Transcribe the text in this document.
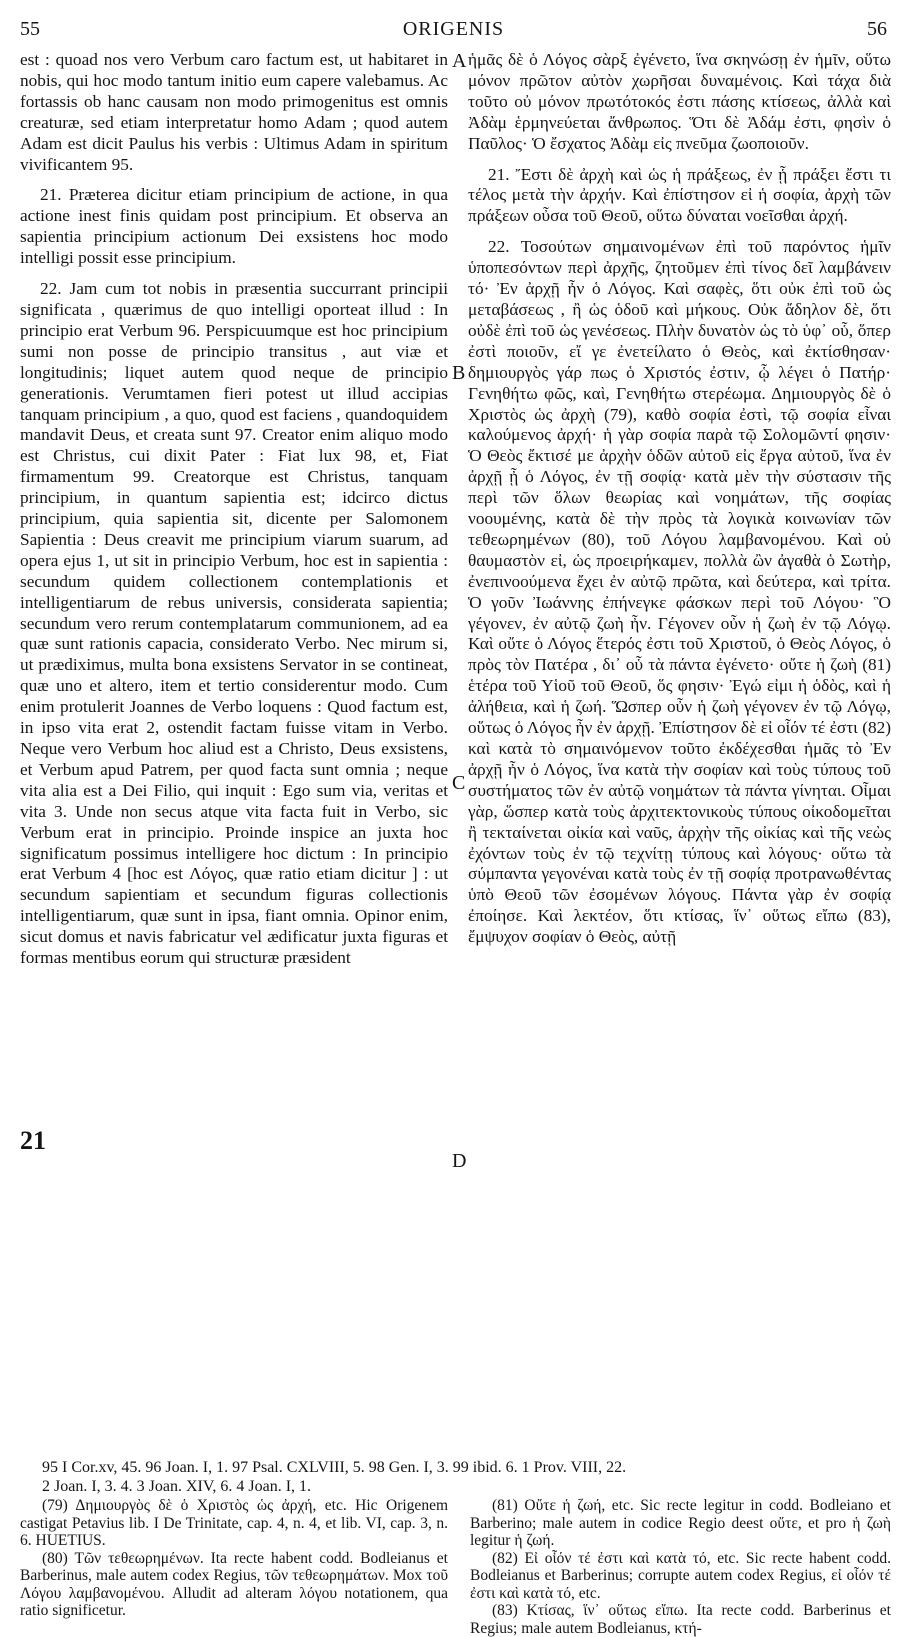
55	ORIGENIS	56

est : quoad nos vero Verbum caro factum est, ut habitaret in nobis, qui hoc modo tantum initio eum capere valebamus. Ac fortassis ob hanc causam non modo primogenitus est omnis creaturæ, sed etiam interpretatur homo Adam ; quod autem Adam est dicit Paulus his verbis : Ultimus Adam in spiritum vivificantem 95.

21. Præterea dicitur etiam principium de actione, in qua actione inest finis quidam post principium. Et observa an sapientia principium actionum Dei exsistens hoc modo intelligi possit esse principium.

22. Jam cum tot nobis in præsentia succurrant principii significata , quærimus de quo intelligi oporteat illud : In principio erat Verbum 96. Perspicuumque est hoc principium sumi non posse de principio transitus , aut viæ et longitudinis; liquet autem quod neque de principio generationis. Verumtamen fieri potest ut illud accipias tanquam principium , a quo, quod est faciens , quandoquidem mandavit Deus, et creata sunt 97. Creator enim aliquo modo est Christus, cui dixit Pater : Fiat lux 98, et, Fiat firmamentum 99. Creatorque est Christus, tanquam principium, in quantum sapientia est; idcirco dictus principium, quia sapientia sit, dicente per Salomonem Sapientia : Deus creavit me principium viarum suarum, ad opera ejus 1, ut sit in principio Verbum, hoc est in sapientia : secundum quidem collectionem contemplationis et intelligentiarum de rebus universis, considerata sapientia; secundum vero rerum contemplatarum communionem, ad ea quæ sunt rationis capacia, considerato Verbo. Nec mirum si, ut prædiximus, multa bona exsistens Servator in se contineat, quæ uno et altero, item et tertio considerentur modo. Cum enim protulerit Joannes de Verbo loquens : Quod factum est, in ipso vita erat 2, ostendit factam fuisse vitam in Verbo. Neque vero Verbum hoc aliud est a Christo, Deus exsistens, et Verbum apud Patrem, per quod facta sunt omnia ; neque vita alia est a Dei Filio, qui inquit : Ego sum via, veritas et vita 3. Unde non secus atque vita facta fuit in Verbo, sic Verbum erat in principio. Proinde inspice an juxta hoc significatum possimus intelligere hoc dictum : In principio erat Verbum 4 [hoc est Λόγος, quæ ratio etiam dicitur ] : ut secundum sapientiam et secundum figuras collectionis intelligentiarum, quæ sunt in ipsa, fiant omnia. Opinor enim, sicut domus et navis fabricatur vel ædificatur juxta figuras et formas mentibus eorum qui structuræ præsident

ἡμᾶς δὲ ὁ Λόγος σὰρξ ἐγένετο, ἵνα σκηνώσῃ ἐν ἡμῖν, οὕτω μόνον πρῶτον αὐτὸν χωρῆσαι δυναμένοις. Καὶ τάχα διὰ τοῦτο οὐ μόνον πρωτότοκός ἐστι πάσης κτίσεως, ἀλλὰ καὶ Ἀδὰμ ἑρμηνεύεται ἄνθρωπος. Ὅτι δὲ Ἀδάμ ἐστι, φησὶν ὁ Παῦλος· Ὁ ἔσχατος Ἀδὰμ εἰς πνεῦμα ζωοποιοῦν.

21. Ἔστι δὲ ἀρχὴ καὶ ὡς ἡ πράξεως, ἐν ᾗ πράξει ἔστι τι τέλος μετὰ τὴν ἀρχήν. Καὶ ἐπίστησον εἰ ἡ σοφία, ἀρχὴ τῶν πράξεων οὖσα τοῦ Θεοῦ, οὕτω δύναται νοεῖσθαι ἀρχή.

22. Τοσούτων σημαινομένων ἐπὶ τοῦ παρόντος ἡμῖν ὑποπεσόντων περὶ ἀρχῆς, ζητοῦμεν ἐπὶ τίνος δεῖ λαμβάνειν τό· Ἐν ἀρχῇ ἦν ὁ Λόγος. Καὶ σαφὲς, ὅτι οὐκ ἐπὶ τοῦ ὡς μεταβάσεως , ἢ ὡς ὁδοῦ καὶ μήκους. Οὐκ ἄδηλον δὲ, ὅτι οὐδὲ ἐπὶ τοῦ ὡς γενέσεως. Πλὴν δυνατὸν ὡς τὸ ὑφ᾽ οὗ, ὅπερ ἐστὶ ποιοῦν, εἴ γε ἐνετείλατο ὁ Θεὸς, καὶ ἐκτίσθησαν· δημιουργὸς γάρ πως ὁ Χριστός ἐστιν, ᾧ λέγει ὁ Πατήρ· Γενηθήτω φῶς, καὶ, Γενηθήτω στερέωμα. Δημιουργὸς δὲ ὁ Χριστὸς ὡς ἀρχὴ (79), καθὸ σοφία ἐστὶ, τῷ σοφία εἶναι καλούμενος ἀρχή· ἡ γὰρ σοφία παρὰ τῷ Σολομῶντί φησιν· Ὁ Θεὸς ἔκτισέ με ἀρχὴν ὁδῶν αὐτοῦ εἰς ἔργα αὐτοῦ, ἵνα ἐν ἀρχῇ ᾖ ὁ Λόγος, ἐν τῇ σοφίᾳ· κατὰ μὲν τὴν σύστασιν τῆς περὶ τῶν ὅλων θεωρίας καὶ νοημάτων, τῆς σοφίας νοουμένης, κατὰ δὲ τὴν πρὸς τὰ λογικὰ κοινωνίαν τῶν τεθεωρημένων (80), τοῦ Λόγου λαμβανομένου. Καὶ οὐ θαυμαστὸν εἰ, ὡς προειρήκαμεν, πολλὰ ὢν ἀγαθὰ ὁ Σωτὴρ, ἐνεπινοούμενα ἔχει ἐν αὐτῷ πρῶτα, καὶ δεύτερα, καὶ τρίτα. Ὁ γοῦν Ἰωάννης ἐπήνεγκε φάσκων περὶ τοῦ Λόγου· Ὃ γέγονεν, ἐν αὐτῷ ζωὴ ἦν. Γέγονεν οὖν ἡ ζωὴ ἐν τῷ Λόγῳ. Καὶ οὔτε ὁ Λόγος ἕτερός ἐστι τοῦ Χριστοῦ, ὁ Θεὸς Λόγος, ὁ πρὸς τὸν Πατέρα , δι᾽ οὗ τὰ πάντα ἐγένετο· οὔτε ἡ ζωὴ (81) ἑτέρα τοῦ Υἱοῦ τοῦ Θεοῦ, ὅς φησιν· Ἐγώ εἰμι ἡ ὁδὸς, καὶ ἡ ἀλήθεια, καὶ ἡ ζωή. Ὥσπερ οὖν ἡ ζωὴ γέγονεν ἐν τῷ Λόγῳ, οὕτως ὁ Λόγος ἦν ἐν ἀρχῇ. Ἐπίστησον δὲ εἰ οἷόν τέ ἐστι (82) καὶ κατὰ τὸ σημαινόμενον τοῦτο ἐκδέχεσθαι ἡμᾶς τὸ Ἐν ἀρχῇ ἦν ὁ Λόγος, ἵνα κατὰ τὴν σοφίαν καὶ τοὺς τύπους τοῦ συστήματος τῶν ἐν αὐτῷ νοημάτων τὰ πάντα γίνηται. Οἶμαι γὰρ, ὥσπερ κατὰ τοὺς ἀρχιτεκτονικοὺς τύπους οἰκοδομεῖται ἢ τεκταίνεται οἰκία καὶ ναῦς, ἀρχὴν τῆς οἰκίας καὶ τῆς νεὼς ἐχόντων τοὺς ἐν τῷ τεχνίτῃ τύπους καὶ λόγους· οὕτω τὰ σύμπαντα γεγονέναι κατὰ τοὺς ἐν τῇ σοφίᾳ προτρανωθέντας ὑπὸ Θεοῦ τῶν ἐσομένων λόγους. Πάντα γὰρ ἐν σοφίᾳ ἐποίησε. Καὶ λεκτέον, ὅτι κτίσας, ἵν᾽ οὕτως εἴπω (83), ἔμψυχον σοφίαν ὁ Θεὸς, αὐτῇ

A
B
C
D
21
95 I Cor.xv, 45. 96 Joan. I, 1. 97 Psal. CXLVIII, 5. 98 Gen. I, 3. 99 ibid. 6. 1 Prov. VIII, 22.
2 Joan. I, 3. 4. 3 Joan. XIV, 6. 4 Joan. I, 1.

(79) Δημιουργὸς δὲ ὁ Χριστὸς ὡς ἀρχή, etc. Hic Origenem castigat Petavius lib. I De Trinitate, cap. 4, n. 4, et lib. VI, cap. 3, n. 6. HUETIUS.

(80) Τῶν τεθεωρημένων. Ita recte habent codd. Bodleianus et Barberinus, male autem codex Regius, τῶν τεθεωρημάτων. Mox τοῦ Λόγου λαμβανομένου. Alludit ad alteram λόγου notationem, qua ratio significetur.

(81) Οὔτε ἡ ζωή, etc. Sic recte legitur in codd. Bodleiano et Barberino; male autem in codice Regio deest οὔτε, et pro ἡ ζωὴ legitur ἡ ζωή.

(82) Εἰ οἷόν τέ ἐστι καὶ κατὰ τό, etc. Sic recte habent codd. Bodleianus et Barberinus; corrupte autem codex Regius, εἰ οἷόν τέ ἐστι καὶ κατὰ τό, etc.

(83) Κτίσας, ἵν᾽ οὕτως εἴπω. Ita recte codd. Barberinus et Regius; male autem Bodleianus, κτή-
